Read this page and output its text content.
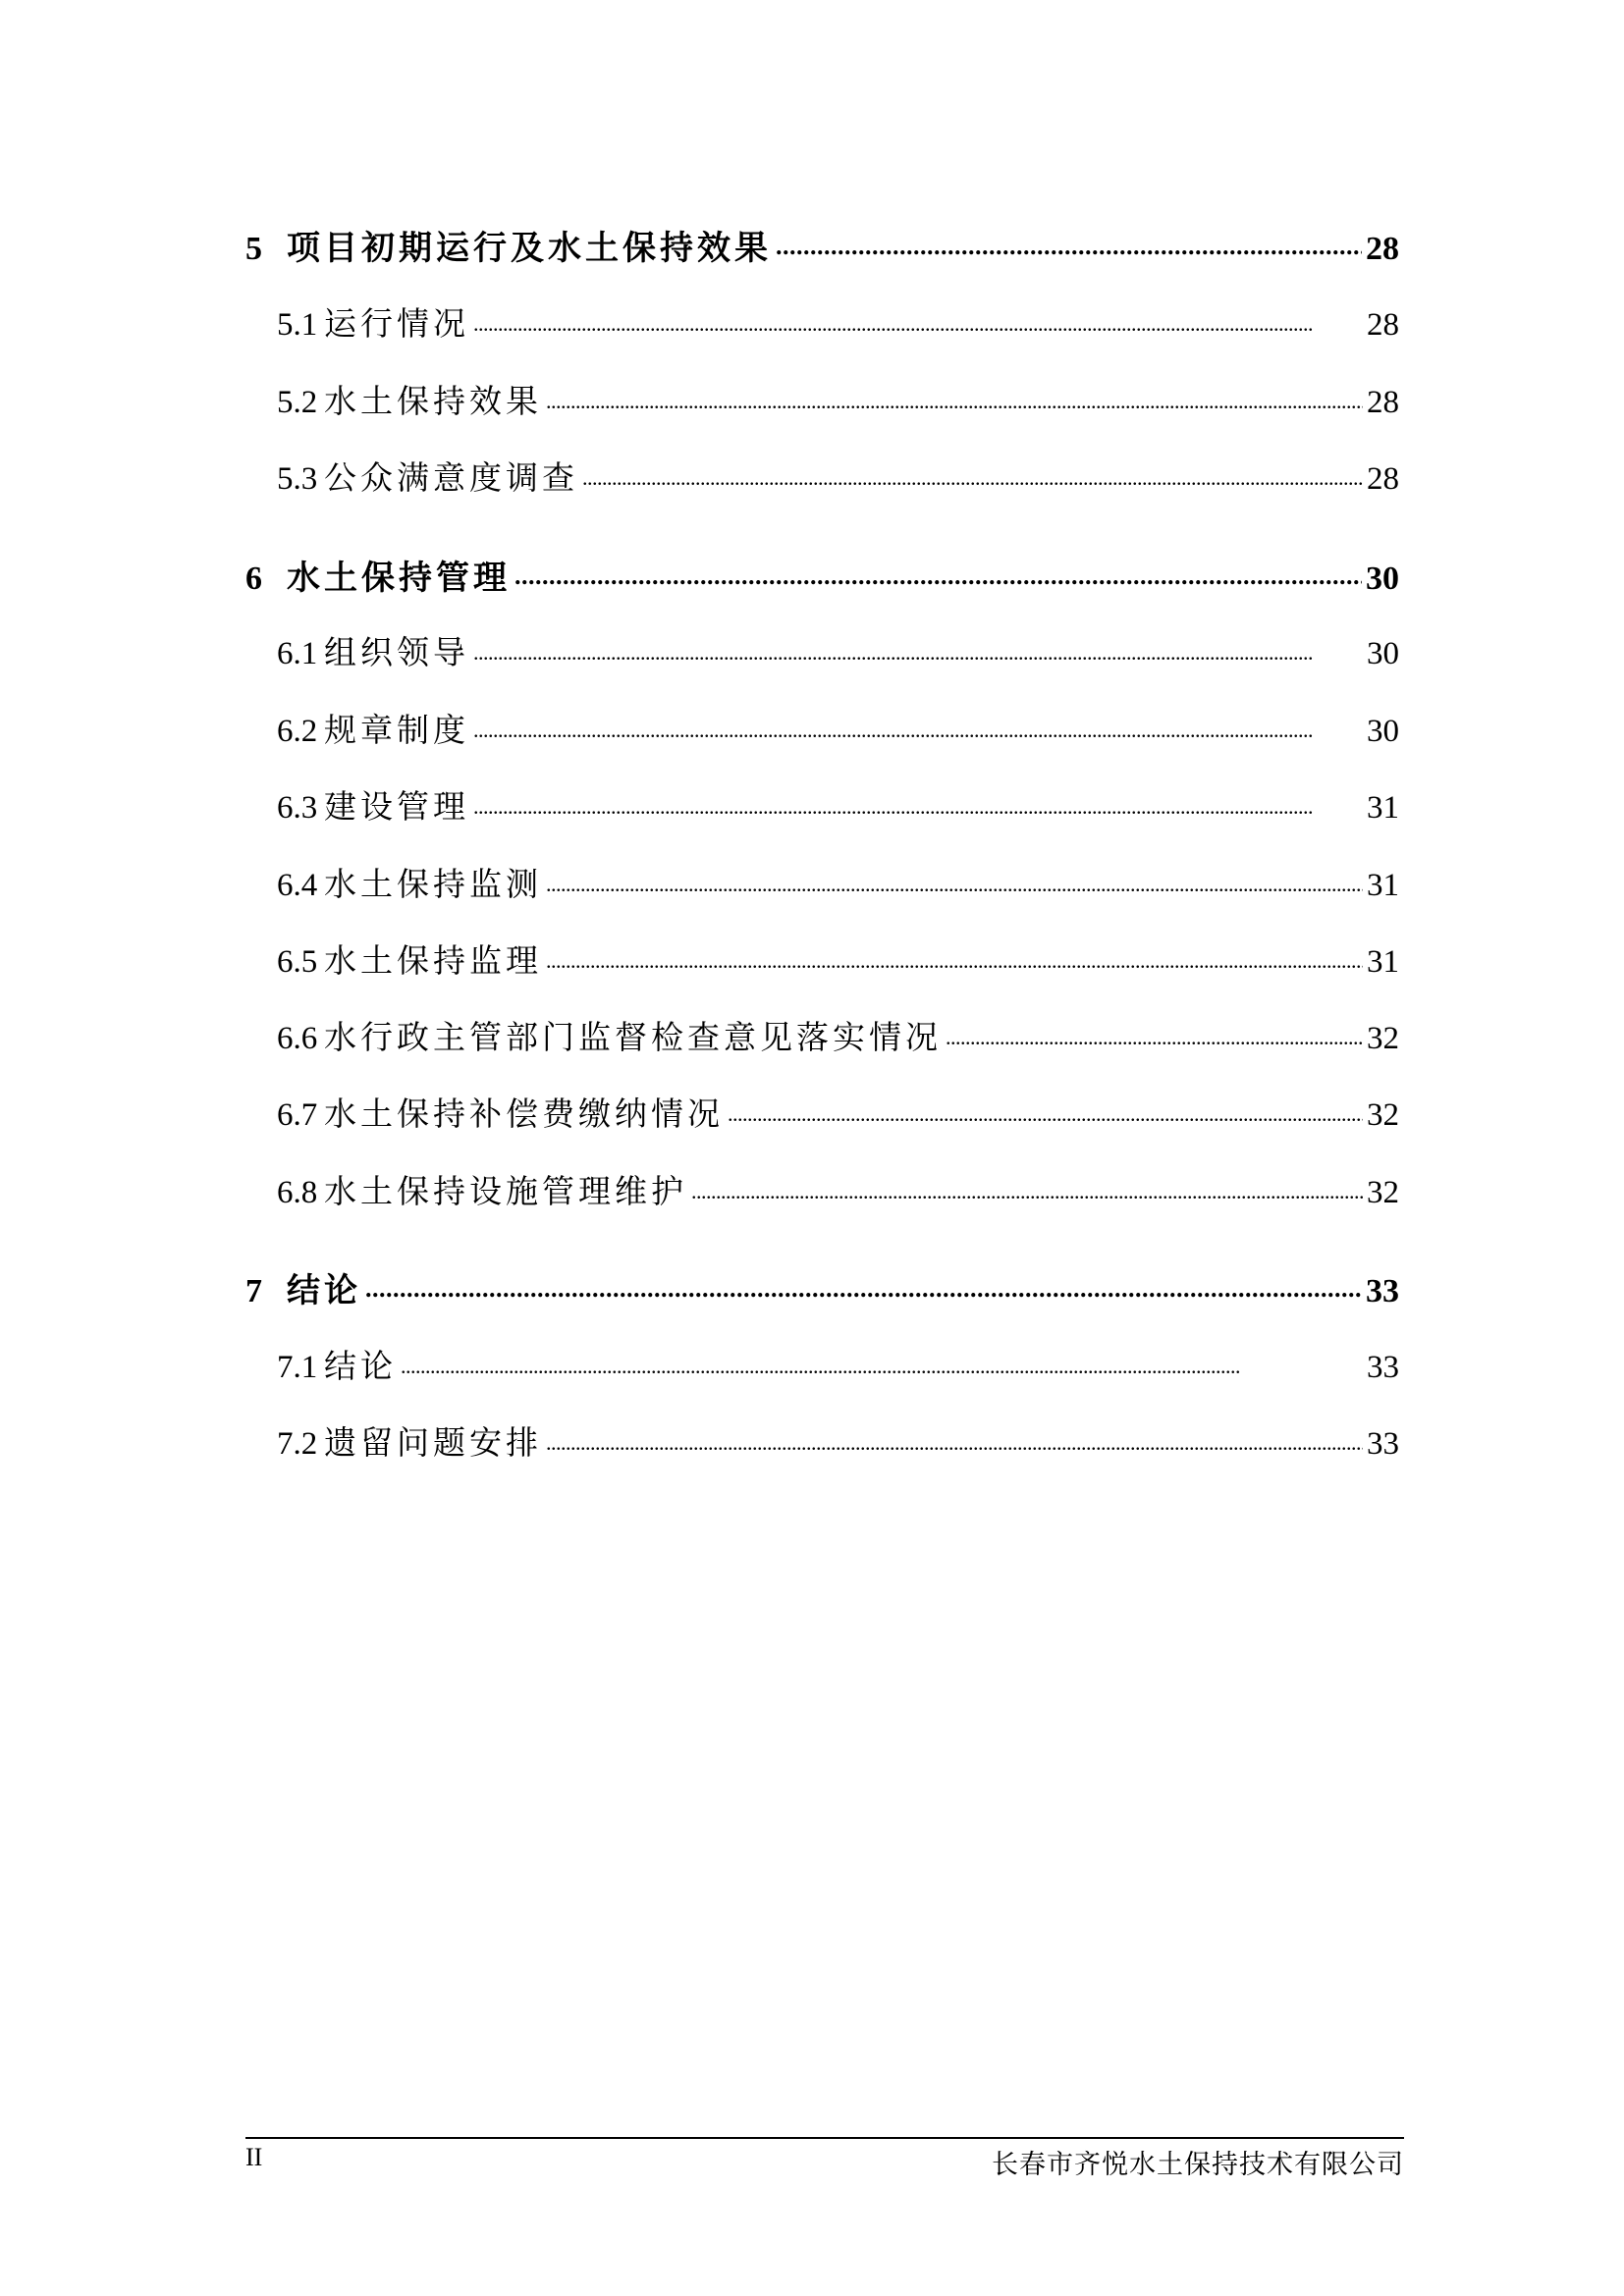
5 项目初期运行及水土保持效果 . . .	28
5.1 运行情况 . . .	28
5.2 水土保持效果 . . .	28
5.3 公众满意度调查 . . .	28
6 水土保持管理 . . .	30
6.1 组织领导 . . .	30
6.2 规章制度 . . .	30
6.3 建设管理 . . .	31
6.4 水土保持监测 . . .	31
6.5 水土保持监理 . . .	31
6.6 水行政主管部门监督检查意见落实情况 . . .	32
6.7 水土保持补偿费缴纳情况 . . .	32
6.8 水土保持设施管理维护 . . .	32
7 结论 . . .	33
7.1 结论 . . .	33
7.2 遗留问题安排 . . .	33
II	长春市齐悦水土保持技术有限公司
